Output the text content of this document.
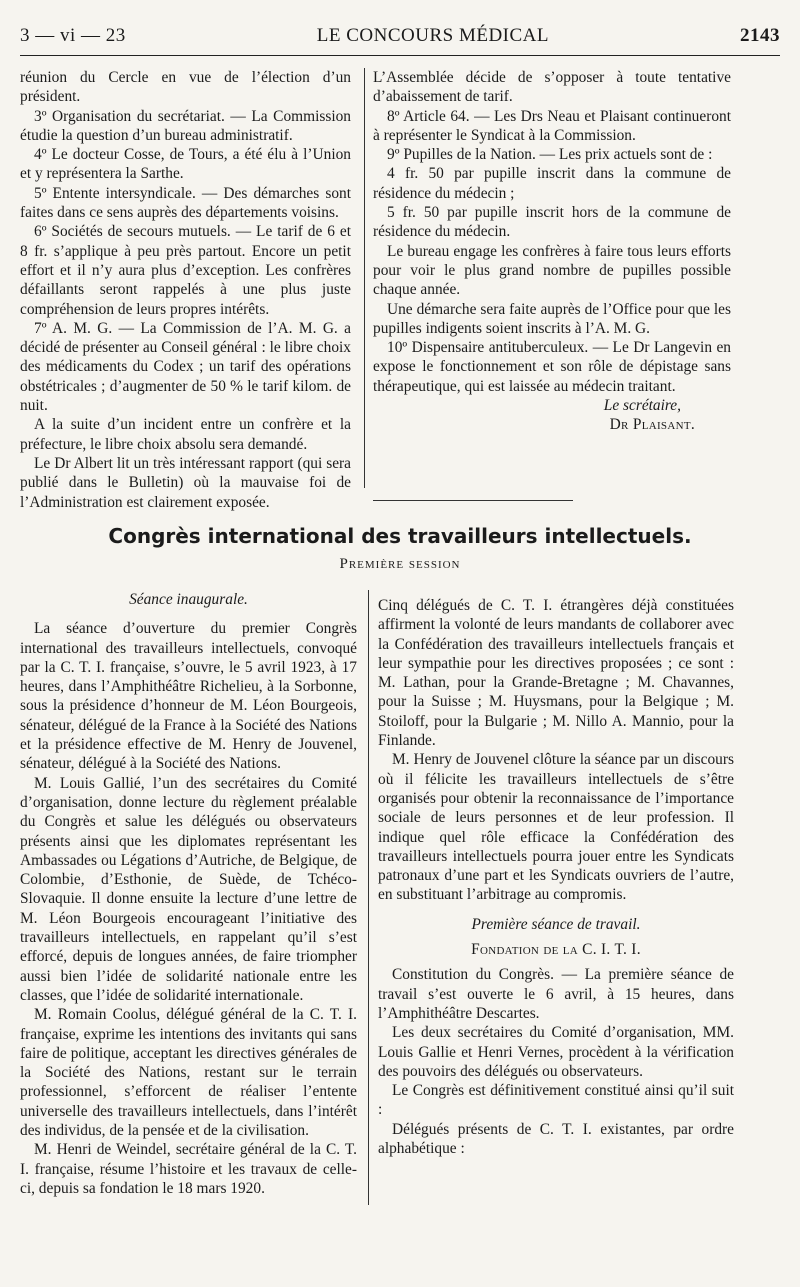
3 — vi — 23	LE CONCOURS MÉDICAL	2143

réunion du Cercle en vue de l’élection d’un président.

3º Organisation du secrétariat. — La Commission étudie la question d’un bureau administratif.

4º Le docteur Cosse, de Tours, a été élu à l’Union et y représentera la Sarthe.

5º Entente intersyndicale. — Des démarches sont faites dans ce sens auprès des départements voisins.

6º Sociétés de secours mutuels. — Le tarif de 6 et 8 fr. s’applique à peu près partout. Encore un petit effort et il n’y aura plus d’exception. Les confrères défaillants seront rappelés à une plus juste compréhension de leurs propres intérêts.

7º A. M. G. — La Commission de l’A. M. G. a décidé de présenter au Conseil général : le libre choix des médicaments du Codex ; un tarif des opérations obstétricales ; d’augmenter de 50 % le tarif kilom. de nuit.

A la suite d’un incident entre un confrère et la préfecture, le libre choix absolu sera demandé.

Le Dr Albert lit un très intéressant rapport (qui sera publié dans le Bulletin) où la mauvaise foi de l’Administration est clairement exposée.

L’Assemblée décide de s’opposer à toute tentative d’abaissement de tarif.

8º Article 64. — Les Drs Neau et Plaisant continueront à représenter le Syndicat à la Commission.

9º Pupilles de la Nation. — Les prix actuels sont de :

4 fr. 50 par pupille inscrit dans la commune de résidence du médecin ;

5 fr. 50 par pupille inscrit hors de la commune de résidence du médecin.

Le bureau engage les confrères à faire tous leurs efforts pour voir le plus grand nombre de pupilles possible chaque année.

Une démarche sera faite auprès de l’Office pour que les pupilles indigents soient inscrits à l’A. M. G.

10º Dispensaire antituberculeux. — Le Dr Langevin en expose le fonctionnement et son rôle de dépistage sans thérapeutique, qui est laissée au médecin traitant.

Le scrétaire,

Dr Plaisant.

Congrès international des travailleurs intellectuels.
Première session

Séance inaugurale.

La séance d’ouverture du premier Congrès international des travailleurs intellectuels, convoqué par la C. T. I. française, s’ouvre, le 5 avril 1923, à 17 heures, dans l’Amphithéâtre Richelieu, à la Sorbonne, sous la présidence d’honneur de M. Léon Bourgeois, sénateur, délégué de la France à la Société des Nations et la présidence effective de M. Henry de Jouvenel, sénateur, délégué à la Société des Nations.

M. Louis Gallié, l’un des secrétaires du Comité d’organisation, donne lecture du règlement préalable du Congrès et salue les délégués ou observateurs présents ainsi que les diplomates représentant les Ambassades ou Légations d’Autriche, de Belgique, de Colombie, d’Esthonie, de Suède, de Tchéco-Slovaquie. Il donne ensuite la lecture d’une lettre de M. Léon Bourgeois encourageant l’initiative des travailleurs intellectuels, en rappelant qu’il s’est efforcé, depuis de longues années, de faire triompher aussi bien l’idée de solidarité nationale entre les classes, que l’idée de solidarité internationale.

M. Romain Coolus, délégué général de la C. T. I. française, exprime les intentions des invitants qui sans faire de politique, acceptant les directives générales de la Société des Nations, restant sur le terrain professionnel, s’efforcent de réaliser l’entente universelle des travailleurs intellectuels, dans l’intérêt des individus, de la pensée et de la civilisation.

M. Henri de Weindel, secrétaire général de la C. T. I. française, résume l’histoire et les travaux de celle-ci, depuis sa fondation le 18 mars 1920.

Cinq délégués de C. T. I. étrangères déjà constituées affirment la volonté de leurs mandants de collaborer avec la Confédération des travailleurs intellectuels français et leur sympathie pour les directives proposées ; ce sont : M. Lathan, pour la Grande-Bretagne ; M. Chavannes, pour la Suisse ; M. Huysmans, pour la Belgique ; M. Stoiloff, pour la Bulgarie ; M. Nillo A. Mannio, pour la Finlande.

M. Henry de Jouvenel clôture la séance par un discours où il félicite les travailleurs intellectuels de s’être organisés pour obtenir la reconnaissance de l’importance sociale de leurs personnes et de leur profession. Il indique quel rôle efficace la Confédération des travailleurs intellectuels pourra jouer entre les Syndicats patronaux d’une part et les Syndicats ouvriers de l’autre, en substituant l’arbitrage au compromis.

Première séance de travail.

Fondation de la C. I. T. I.

Constitution du Congrès. — La première séance de travail s’est ouverte le 6 avril, à 15 heures, dans l’Amphithéâtre Descartes.

Les deux secrétaires du Comité d’organisation, MM. Louis Gallie et Henri Vernes, procèdent à la vérification des pouvoirs des délégués ou observateurs.

Le Congrès est définitivement constitué ainsi qu’il suit :

Délégués présents de C. T. I. existantes, par ordre alphabétique :
